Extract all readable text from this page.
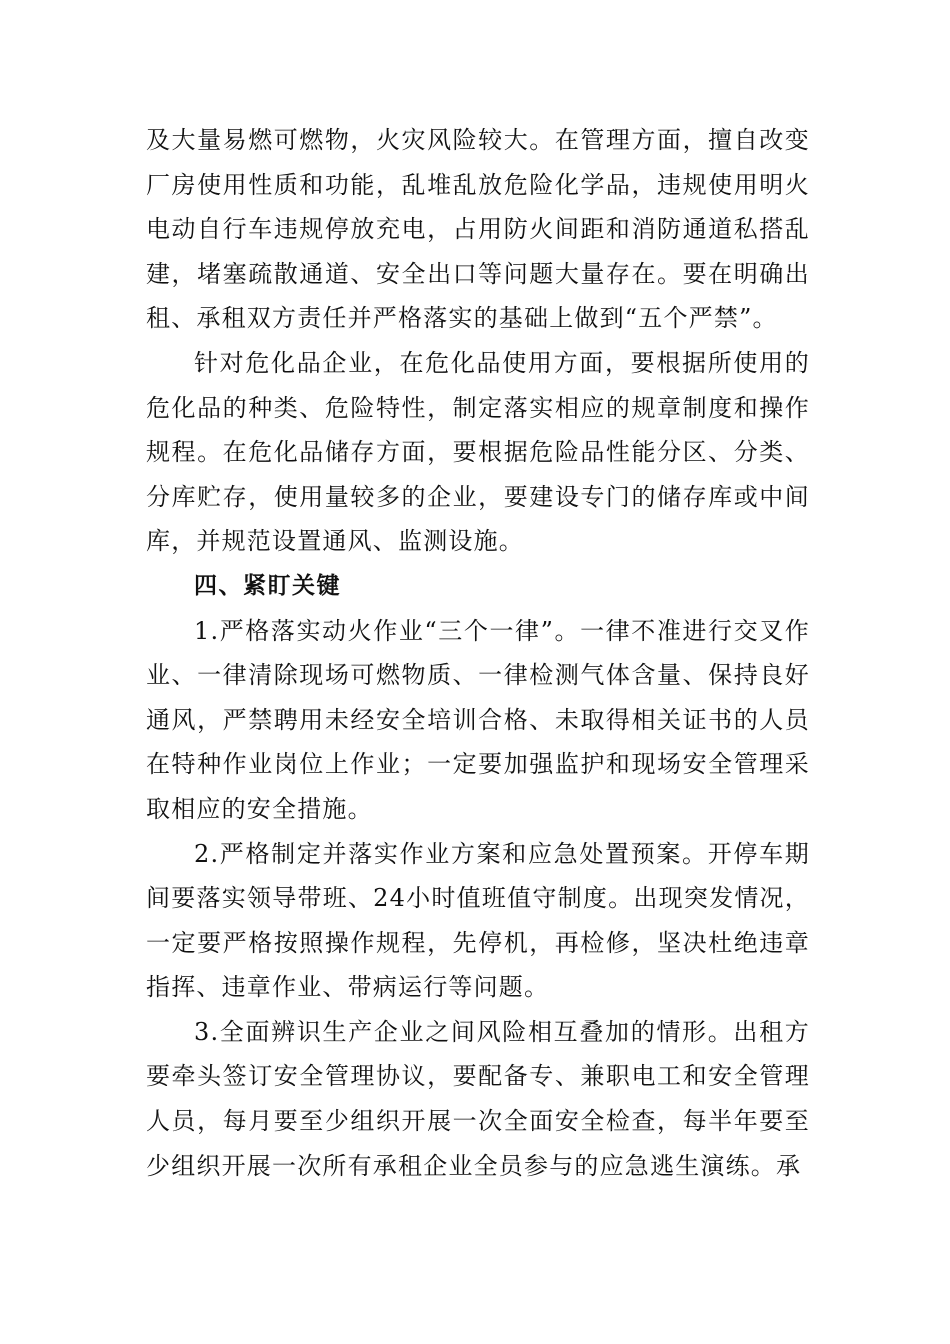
及大量易燃可燃物，火灾风险较大。在管理方面，擅自改变厂房使用性质和功能，乱堆乱放危险化学品，违规使用明火电动自行车违规停放充电，占用防火间距和消防通道私搭乱建，堵塞疏散通道、安全出口等问题大量存在。要在明确出租、承租双方责任并严格落实的基础上做到“五个严禁”。

针对危化品企业，在危化品使用方面，要根据所使用的危化品的种类、危险特性，制定落实相应的规章制度和操作规程。在危化品储存方面，要根据危险品性能分区、分类、分库贮存，使用量较多的企业，要建设专门的储存库或中间库，并规范设置通风、监测设施。

四、紧盯关键

1.严格落实动火作业“三个一律”。一律不准进行交叉作业、一律清除现场可燃物质、一律检测气体含量、保持良好通风，严禁聘用未经安全培训合格、未取得相关证书的人员在特种作业岗位上作业；一定要加强监护和现场安全管理采取相应的安全措施。

2.严格制定并落实作业方案和应急处置预案。开停车期间要落实领导带班、24小时值班值守制度。出现突发情况，一定要严格按照操作规程，先停机，再检修，坚决杜绝违章指挥、违章作业、带病运行等问题。

3.全面辨识生产企业之间风险相互叠加的情形。出租方要牵头签订安全管理协议，要配备专、兼职电工和安全管理人员，每月要至少组织开展一次全面安全检查，每半年要至少组织开展一次所有承租企业全员参与的应急逃生演练。承
